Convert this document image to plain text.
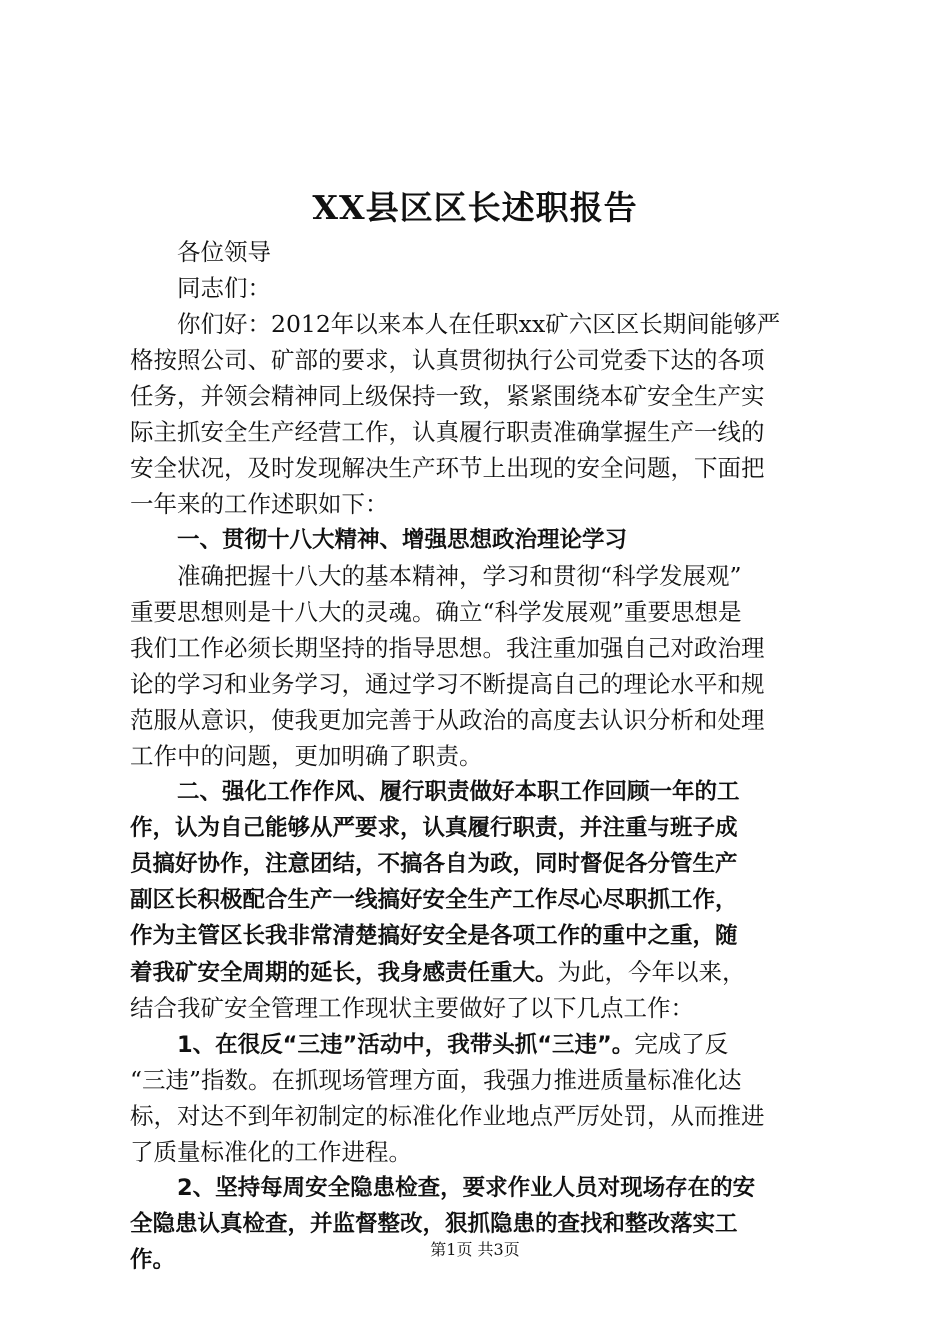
XX县区区长述职报告
各位领导
同志们：
你们好：2012年以来本人在任职xx矿六区区长期间能够严
格按照公司、矿部的要求，认真贯彻执行公司党委下达的各项
任务，并领会精神同上级保持一致，紧紧围绕本矿安全生产实
际主抓安全生产经营工作，认真履行职责准确掌握生产一线的
安全状况，及时发现解决生产环节上出现的安全问题，下面把
一年来的工作述职如下：
一、贯彻十八大精神、增强思想政治理论学习
准确把握十八大的基本精神，学习和贯彻“科学发展观”
重要思想则是十八大的灵魂。确立“科学发展观”重要思想是
我们工作必须长期坚持的指导思想。我注重加强自己对政治理
论的学习和业务学习，通过学习不断提高自己的理论水平和规
范服从意识，使我更加完善于从政治的高度去认识分析和处理
工作中的问题，更加明确了职责。
二、强化工作作风、履行职责做好本职工作回顾一年的工
作，认为自己能够从严要求，认真履行职责，并注重与班子成
员搞好协作，注意团结，不搞各自为政，同时督促各分管生产
副区长积极配合生产一线搞好安全生产工作尽心尽职抓工作，
作为主管区长我非常清楚搞好安全是各项工作的重中之重，随
着我矿安全周期的延长，我身感责任重大。为此，今年以来，
结合我矿安全管理工作现状主要做好了以下几点工作：
1、在很反“三违”活动中，我带头抓“三违”。完成了反
“三违”指数。在抓现场管理方面，我强力推进质量标准化达
标，对达不到年初制定的标准化作业地点严厉处罚，从而推进
了质量标准化的工作进程。
2、坚持每周安全隐患检查，要求作业人员对现场存在的安
全隐患认真检查，并监督整改，狠抓隐患的查找和整改落实工
作。	第1页 共3页
